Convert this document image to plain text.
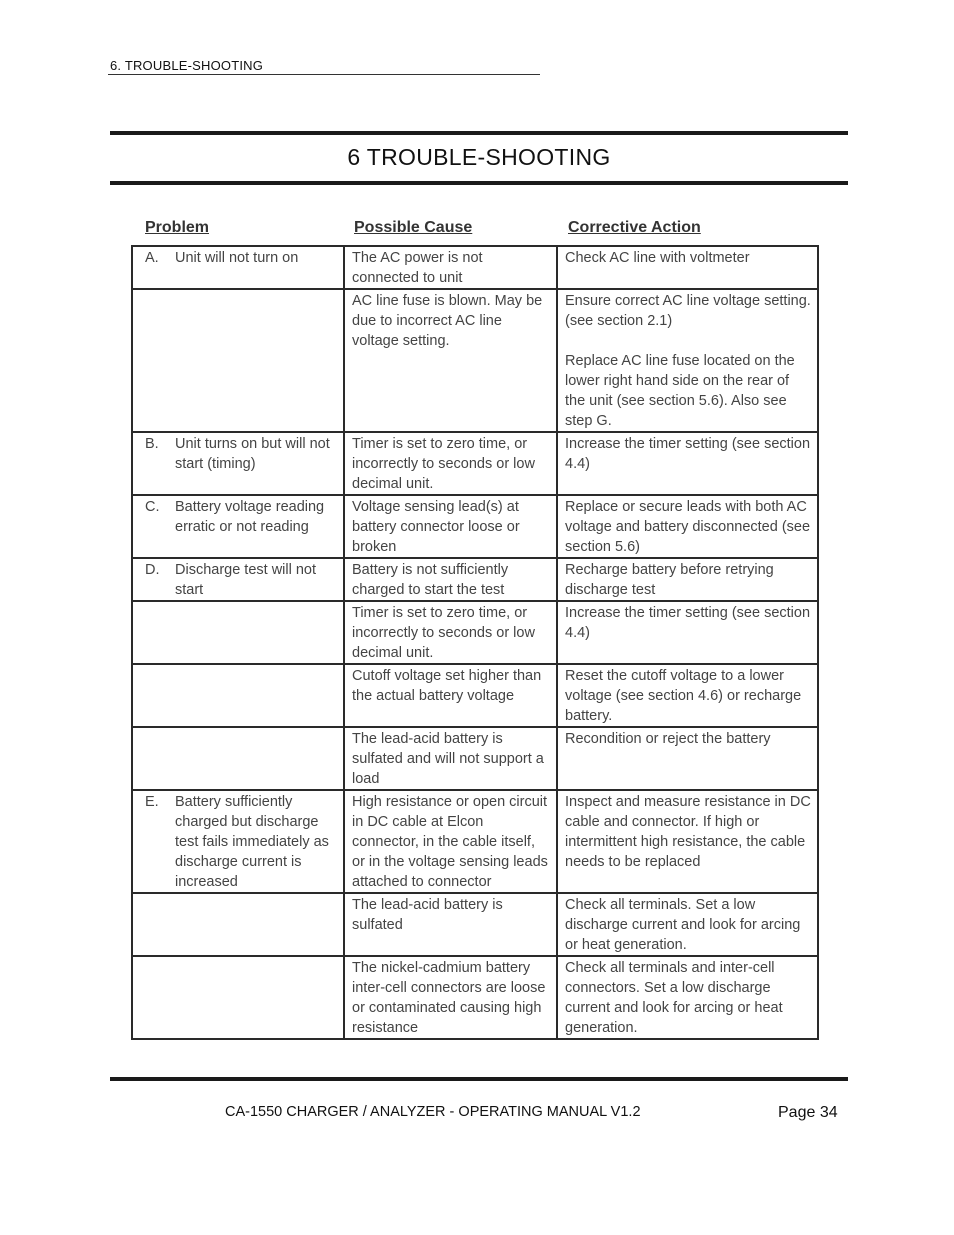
6. TROUBLE-SHOOTING
6 TROUBLE-SHOOTING
Problem	Possible Cause	Corrective Action
A. Unit will not turn on	The AC power is not connected to unit	Check AC line with voltmeter

	AC line fuse is blown. May be due to incorrect AC line voltage setting.	Ensure correct AC line voltage setting. (see section 2.1)

Replace AC line fuse located on the lower right hand side on the rear of the unit (see section 5.6). Also see step G.

B. Unit turns on but will not start (timing)	Timer is set to zero time, or incorrectly to seconds or low decimal unit.	Increase the timer setting (see section 4.4)

C. Battery voltage reading erratic or not reading	Voltage sensing lead(s) at battery connector loose or broken	Replace or secure leads with both AC voltage and battery disconnected (see section 5.6)

D. Discharge test will not start	Battery is not sufficiently charged to start the test	Recharge battery before retrying discharge test

	Timer is set to zero time, or incorrectly to seconds or low decimal unit.	Increase the timer setting (see section 4.4)

	Cutoff voltage set higher than the actual battery voltage	Reset the cutoff voltage to a lower voltage (see section 4.6) or recharge battery.

	The lead-acid battery is sulfated and will not support a load	Recondition or reject the battery

E. Battery sufficiently charged but discharge test fails immediately as discharge current is increased	High resistance or open circuit in DC cable at Elcon connector, in the cable itself, or in the voltage sensing leads attached to connector	Inspect and measure resistance in DC cable and connector. If high or intermittent high resistance, the cable needs to be replaced

	The lead-acid battery is sulfated	Check all terminals. Set a low discharge current and look for arcing or heat generation.

	The nickel-cadmium battery inter-cell connectors are loose or contaminated causing high resistance	Check all terminals and inter-cell connectors. Set a low discharge current and look for arcing or heat generation.

CA-1550 CHARGER / ANALYZER - OPERATING MANUAL V1.2	Page 34
